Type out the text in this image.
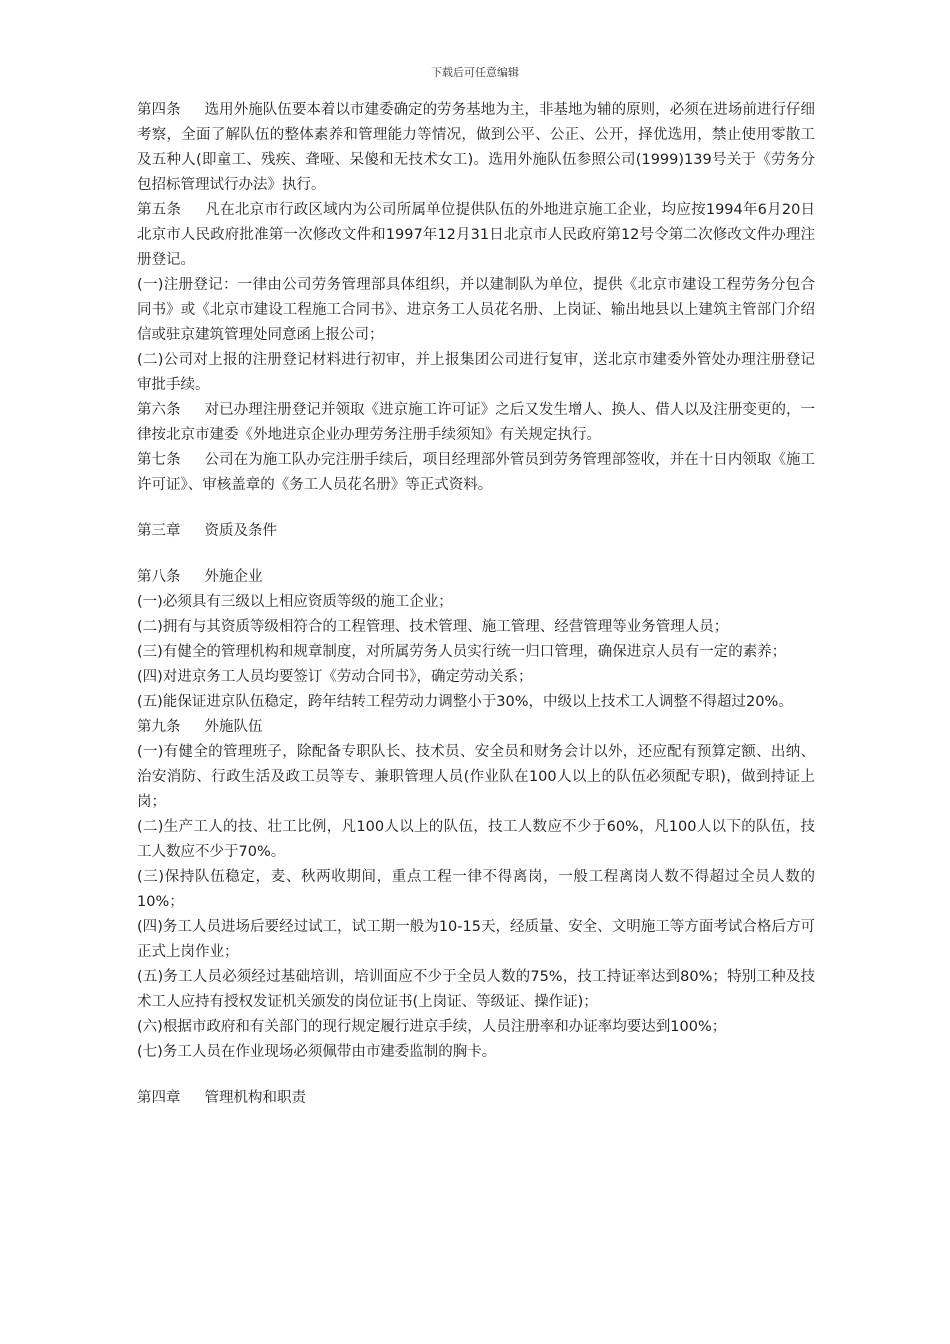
下载后可任意编辑

第四条 选用外施队伍要本着以市建委确定的劳务基地为主，非基地为辅的原则，必须在进场前进行仔细考察，全面了解队伍的整体素养和管理能力等情况，做到公平、公正、公开，择优选用，禁止使用零散工及五种人(即童工、残疾、聋哑、呆傻和无技术女工)。选用外施队伍参照公司(1999)139号关于《劳务分包招标管理试行办法》执行。

第五条 凡在北京市行政区域内为公司所属单位提供队伍的外地进京施工企业，均应按1994年6月20日北京市人民政府批准第一次修改文件和1997年12月31日北京市人民政府第12号令第二次修改文件办理注册登记。

(一)注册登记：一律由公司劳务管理部具体组织，并以建制队为单位，提供《北京市建设工程劳务分包合同书》或《北京市建设工程施工合同书》、进京务工人员花名册、上岗证、输出地县以上建筑主管部门介绍信或驻京建筑管理处同意函上报公司；

(二)公司对上报的注册登记材料进行初审，并上报集团公司进行复审，送北京市建委外管处办理注册登记审批手续。

第六条 对已办理注册登记并领取《进京施工许可证》之后又发生增人、换人、借人以及注册变更的，一律按北京市建委《外地进京企业办理劳务注册手续须知》有关规定执行。

第七条 公司在为施工队办完注册手续后，项目经理部外管员到劳务管理部签收，并在十日内领取《施工许可证》、审核盖章的《务工人员花名册》等正式资料。

第三章 资质及条件

第八条 外施企业

(一)必须具有三级以上相应资质等级的施工企业；

(二)拥有与其资质等级相符合的工程管理、技术管理、施工管理、经营管理等业务管理人员；

(三)有健全的管理机构和规章制度，对所属劳务人员实行统一归口管理，确保进京人员有一定的素养；

(四)对进京务工人员均要签订《劳动合同书》，确定劳动关系；

(五)能保证进京队伍稳定，跨年结转工程劳动力调整小于30%，中级以上技术工人调整不得超过20%。

第九条 外施队伍

(一)有健全的管理班子，除配备专职队长、技术员、安全员和财务会计以外，还应配有预算定额、出纳、治安消防、行政生活及政工员等专、兼职管理人员(作业队在100人以上的队伍必须配专职)，做到持证上岗；

(二)生产工人的技、壮工比例，凡100人以上的队伍，技工人数应不少于60%，凡100人以下的队伍，技工人数应不少于70%。

(三)保持队伍稳定，麦、秋两收期间，重点工程一律不得离岗，一般工程离岗人数不得超过全员人数的10%；

(四)务工人员进场后要经过试工，试工期一般为10-15天，经质量、安全、文明施工等方面考试合格后方可正式上岗作业；

(五)务工人员必须经过基础培训，培训面应不少于全员人数的75%，技工持证率达到80%；特别工种及技术工人应持有授权发证机关颁发的岗位证书(上岗证、等级证、操作证)；

(六)根据市政府和有关部门的现行规定履行进京手续，人员注册率和办证率均要达到100%；

(七)务工人员在作业现场必须佩带由市建委监制的胸卡。

第四章 管理机构和职责
